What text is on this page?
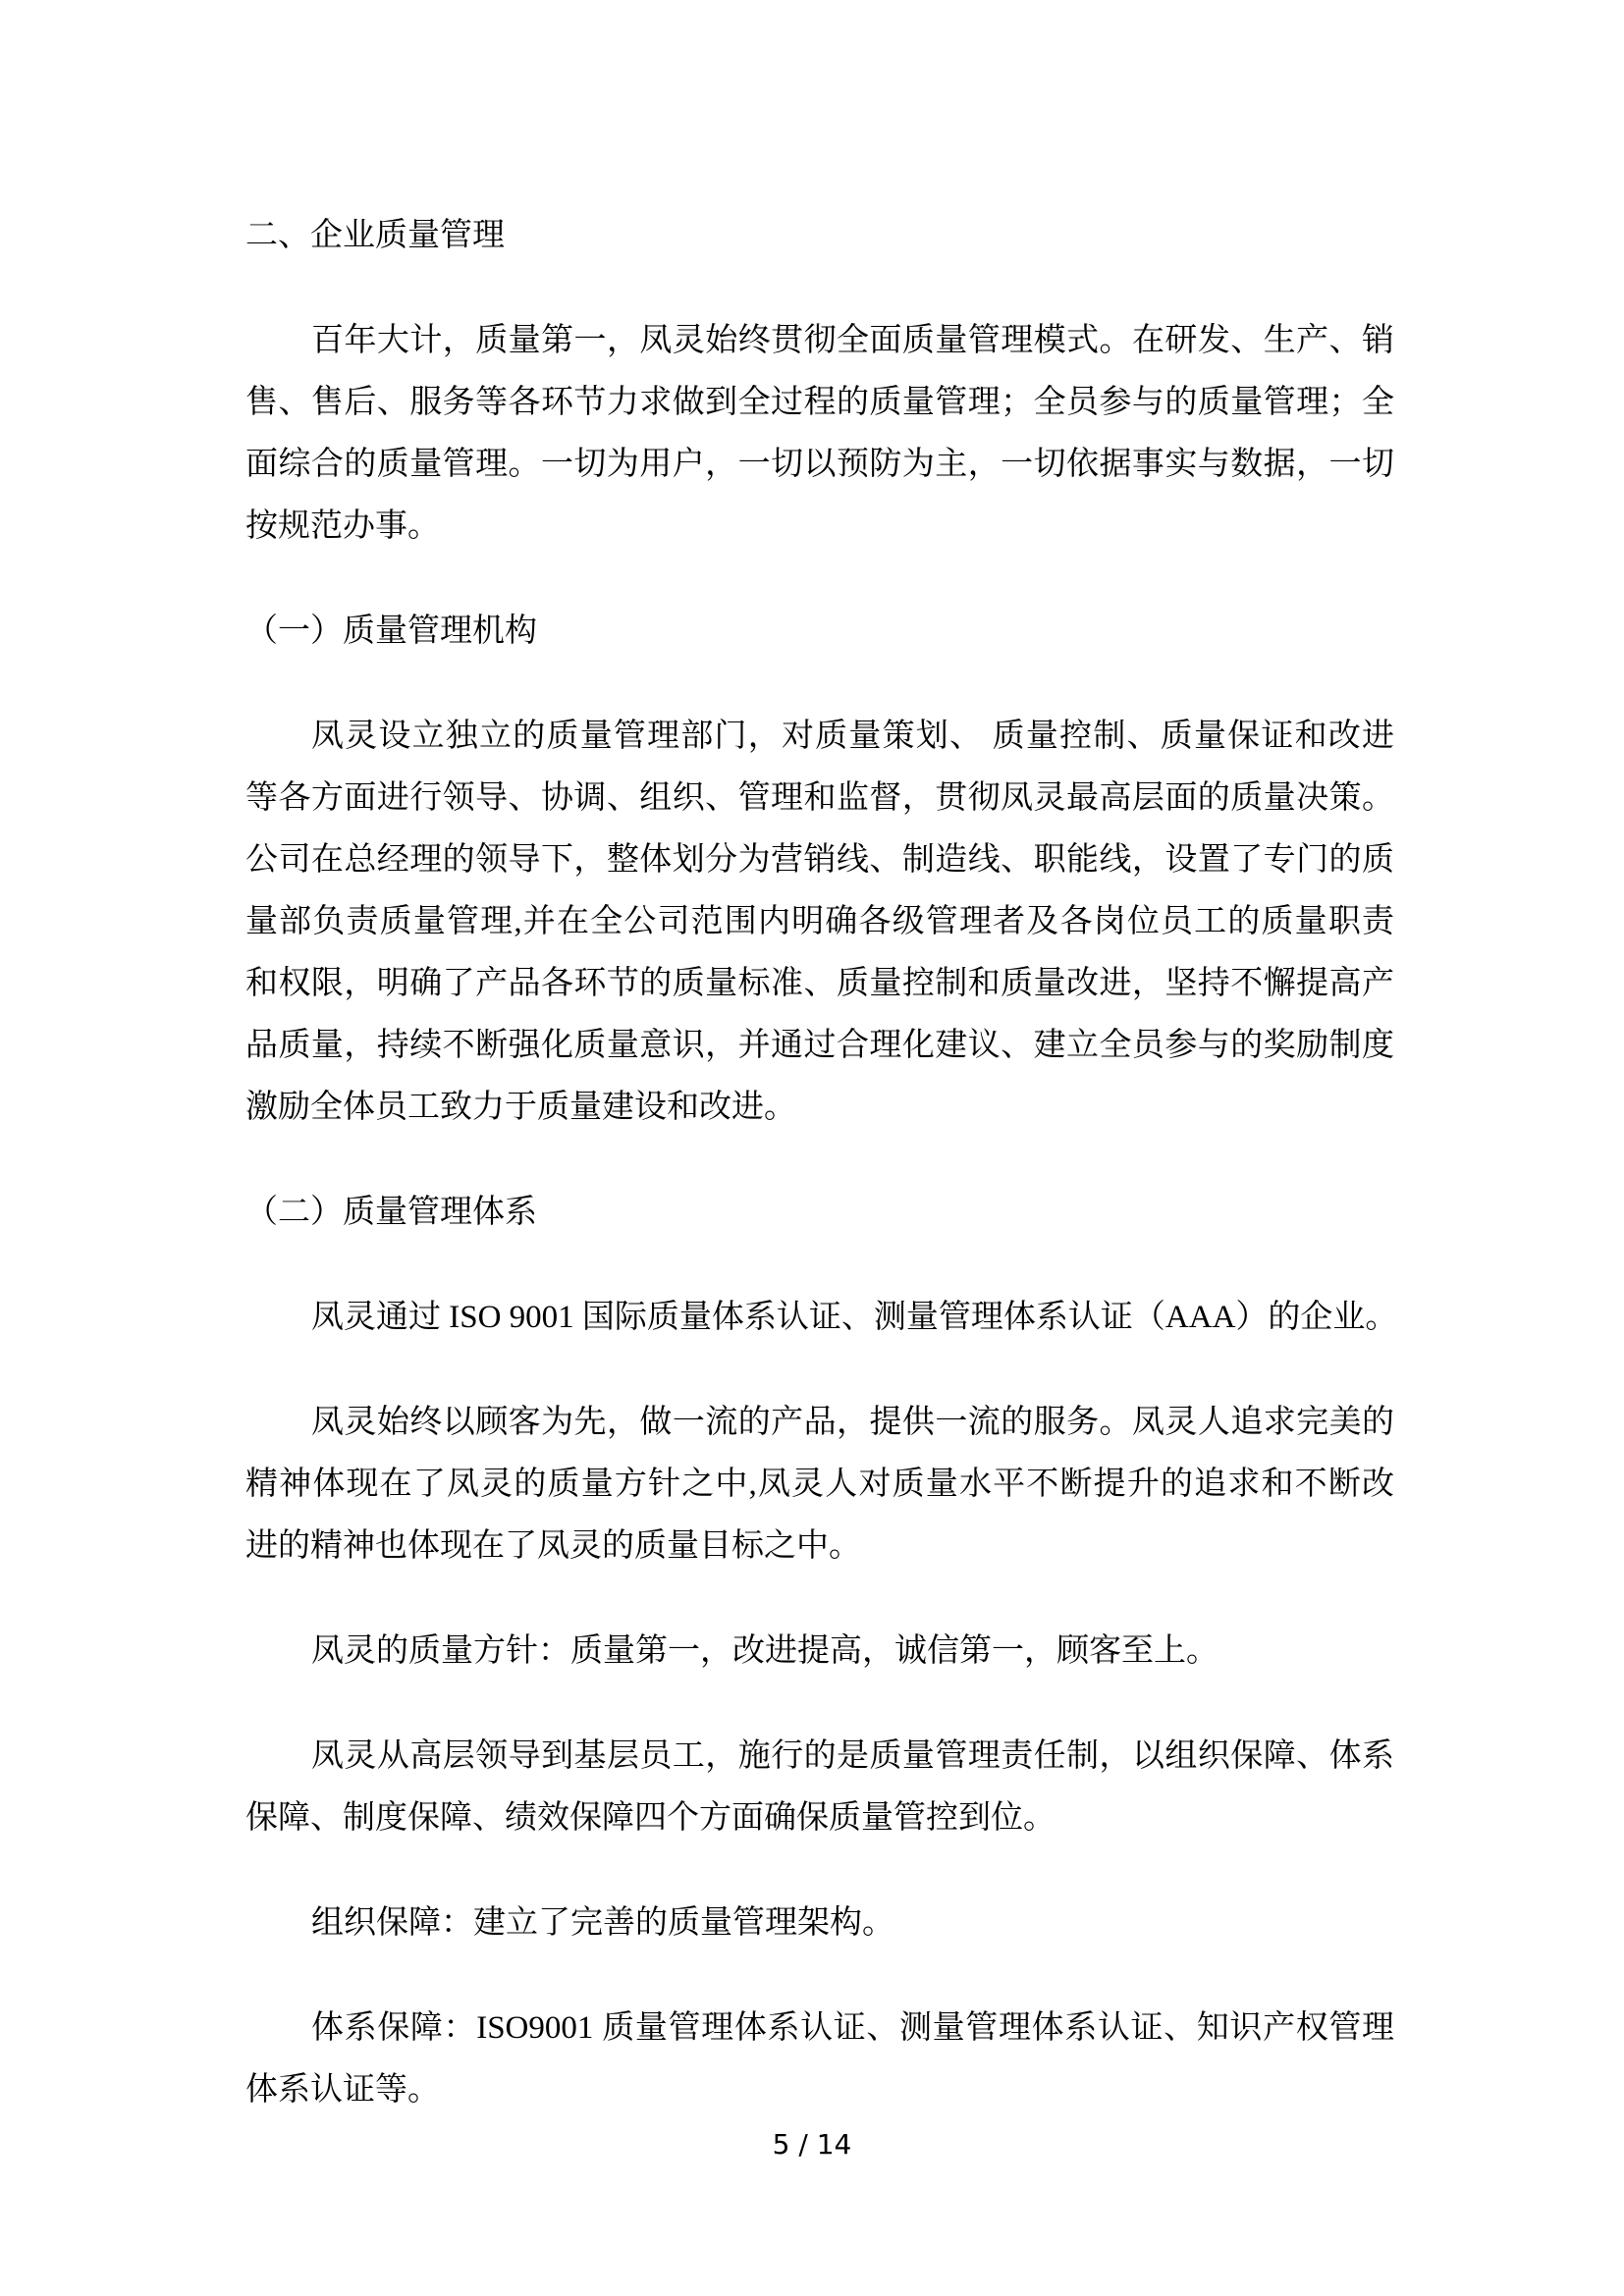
二、企业质量管理
百年大计，质量第一，凤灵始终贯彻全面质量管理模式。在研发、生产、销
售、售后、服务等各环节力求做到全过程的质量管理；全员参与的质量管理；全
面综合的质量管理。一切为用户，一切以预防为主，一切依据事实与数据，一切
按规范办事。
（一）质量管理机构
凤灵设立独立的质量管理部门，对质量策划、 质量控制、质量保证和改进
等各方面进行领导、协调、组织、管理和监督，贯彻凤灵最高层面的质量决策。
公司在总经理的领导下，整体划分为营销线、制造线、职能线，设置了专门的质
量部负责质量管理,并在全公司范围内明确各级管理者及各岗位员工的质量职责
和权限，明确了产品各环节的质量标准、质量控制和质量改进，坚持不懈提高产
品质量，持续不断强化质量意识，并通过合理化建议、建立全员参与的奖励制度
激励全体员工致力于质量建设和改进。
（二）质量管理体系
凤灵通过 ISO 9001 国际质量体系认证、测量管理体系认证（AAA）的企业。
凤灵始终以顾客为先，做一流的产品，提供一流的服务。凤灵人追求完美的
精神体现在了凤灵的质量方针之中,凤灵人对质量水平不断提升的追求和不断改
进的精神也体现在了凤灵的质量目标之中。
凤灵的质量方针：质量第一，改进提高，诚信第一，顾客至上。
凤灵从高层领导到基层员工，施行的是质量管理责任制，以组织保障、体系
保障、制度保障、绩效保障四个方面确保质量管控到位。
组织保障：建立了完善的质量管理架构。
体系保障：ISO9001 质量管理体系认证、测量管理体系认证、知识产权管理
体系认证等。
5 / 14
